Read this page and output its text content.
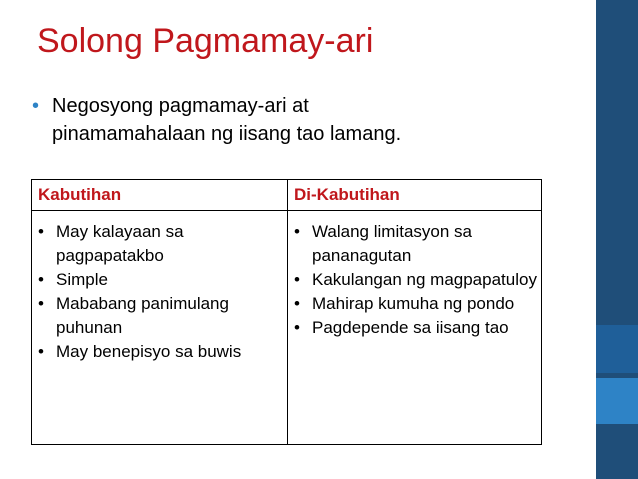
Solong Pagmamay-ari
• Negosyong pagmamay-ari at
pinamamahalaan ng iisang tao lamang.
Kabutihan	Di-Kabutihan
• May kalayaan sa pagpapatakbo
• Simple
• Mababang panimulang puhunan
• May benepisyo sa buwis
• Walang limitasyon sa pananagutan
• Kakulangan ng magpapatuloy
• Mahirap kumuha ng pondo
• Pagdepende sa iisang tao
